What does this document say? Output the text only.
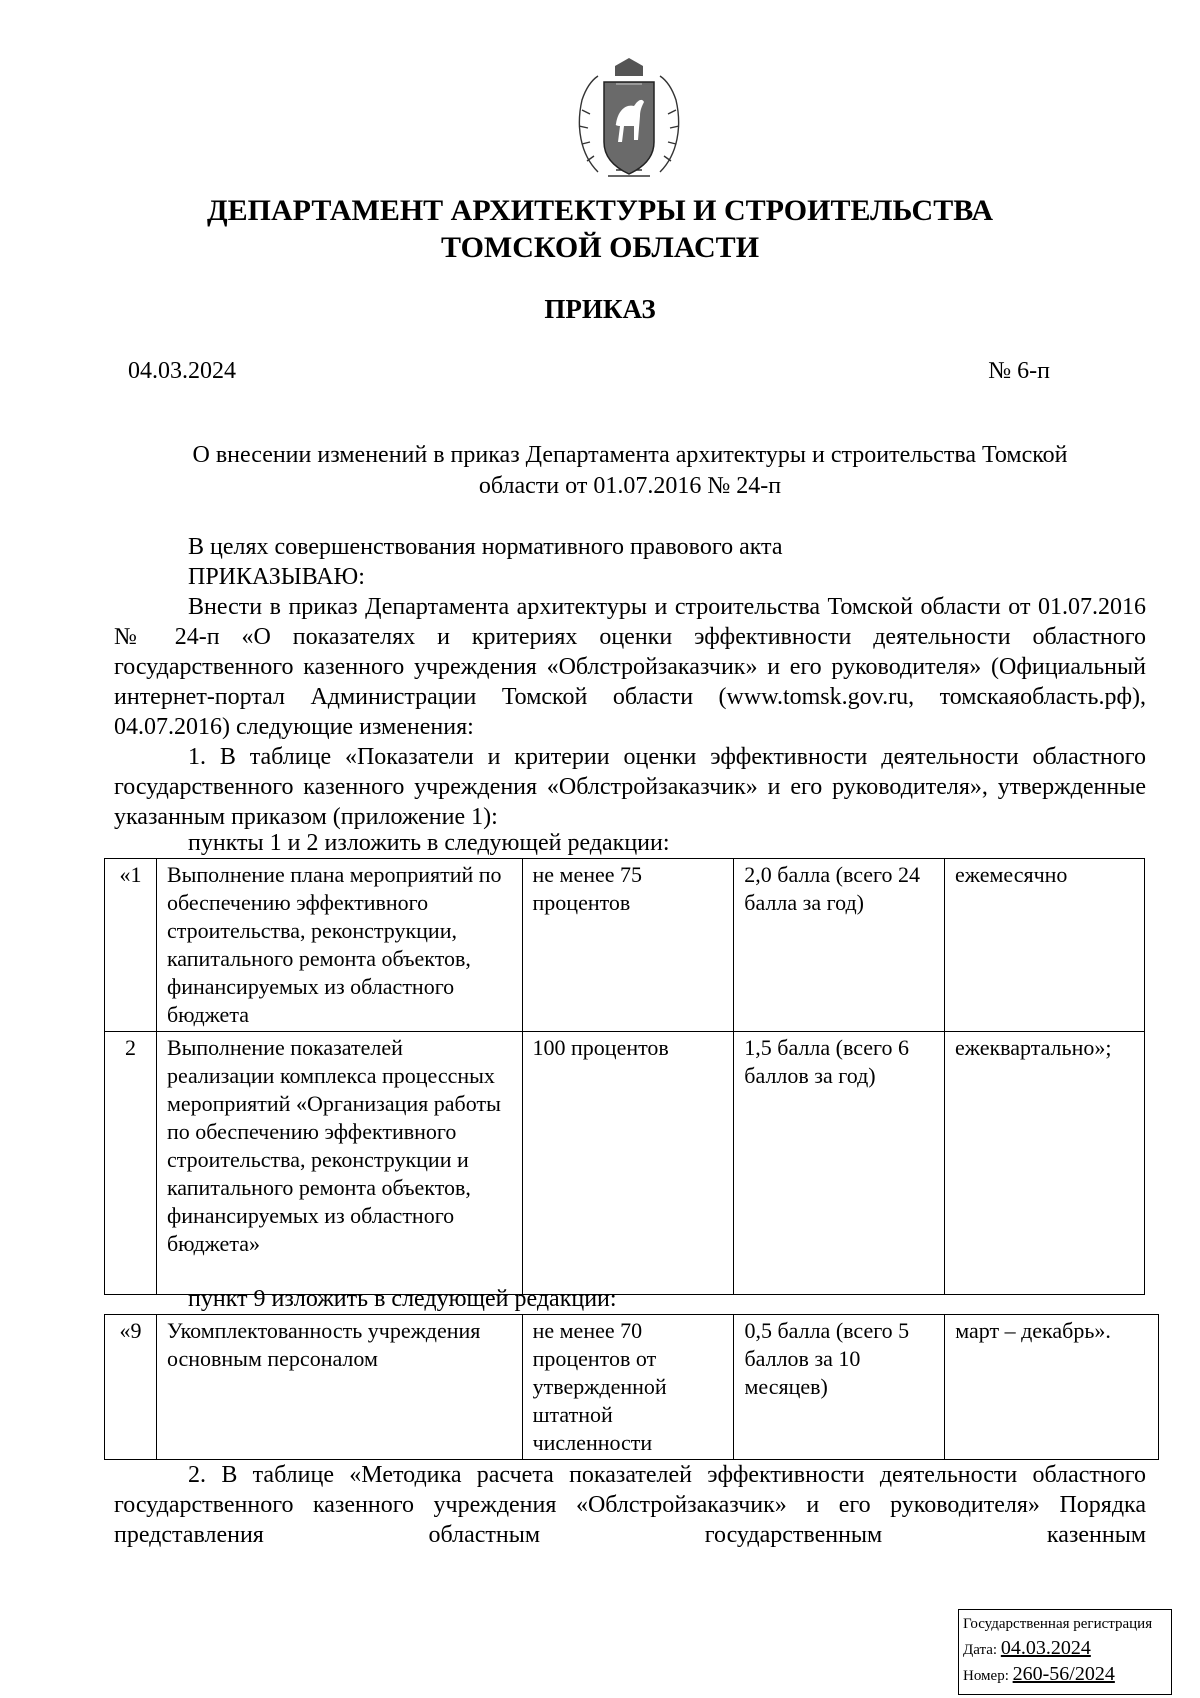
ДЕПАРТАМЕНТ АРХИТЕКТУРЫ И СТРОИТЕЛЬСТВА
ТОМСКОЙ ОБЛАСТИ
ПРИКАЗ
04.03.2024	№ 6-п
О внесении изменений в приказ Департамента архитектуры и строительства Томской
области от 01.07.2016 № 24-п

В целях совершенствования нормативного правового акта

ПРИКАЗЫВАЮ:

Внести в приказ Департамента архитектуры и строительства Томской области от 01.07.2016 № 24-п «О показателях и критериях оценки эффективности деятельности областного государственного казенного учреждения «Облстройзаказчик» и его руководителя» (Официальный интернет-портал Администрации Томской области (www.tomsk.gov.ru, томскаяобласть.рф), 04.07.2016) следующие изменения:

1. В таблице «Показатели и критерии оценки эффективности деятельности областного государственного казенного учреждения «Облстройзаказчик» и его руководителя», утвержденные указанным приказом (приложение 1):

пункты 1 и 2 изложить в следующей редакции:
«1	Выполнение плана мероприятий по обеспечению эффективного строительства, реконструкции, капитального ремонта объектов, финансируемых из областного бюджета	не менее 75 процентов	2,0 балла (всего 24 балла за год)	ежемесячно
2	Выполнение показателей реализации комплекса процессных мероприятий «Организация работы по обеспечению эффективного строительства, реконструкции и капитального ремонта объектов, финансируемых из областного бюджета»	100 процентов	1,5 балла (всего 6 баллов за год)	ежеквартально»;
пункт 9 изложить в следующей редакции:
«9	Укомплектованность учреждения основным персоналом	не менее 70 процентов от утвержденной штатной численности	0,5 балла (всего 5 баллов за 10 месяцев)	март – декабрь».

2. В таблице «Методика расчета показателей эффективности деятельности областного государственного казенного учреждения «Облстройзаказчик» и его руководителя» Порядка представления областным государственным казенным

Государственная регистрация
Дата: 04.03.2024
Номер: 260-56/2024
